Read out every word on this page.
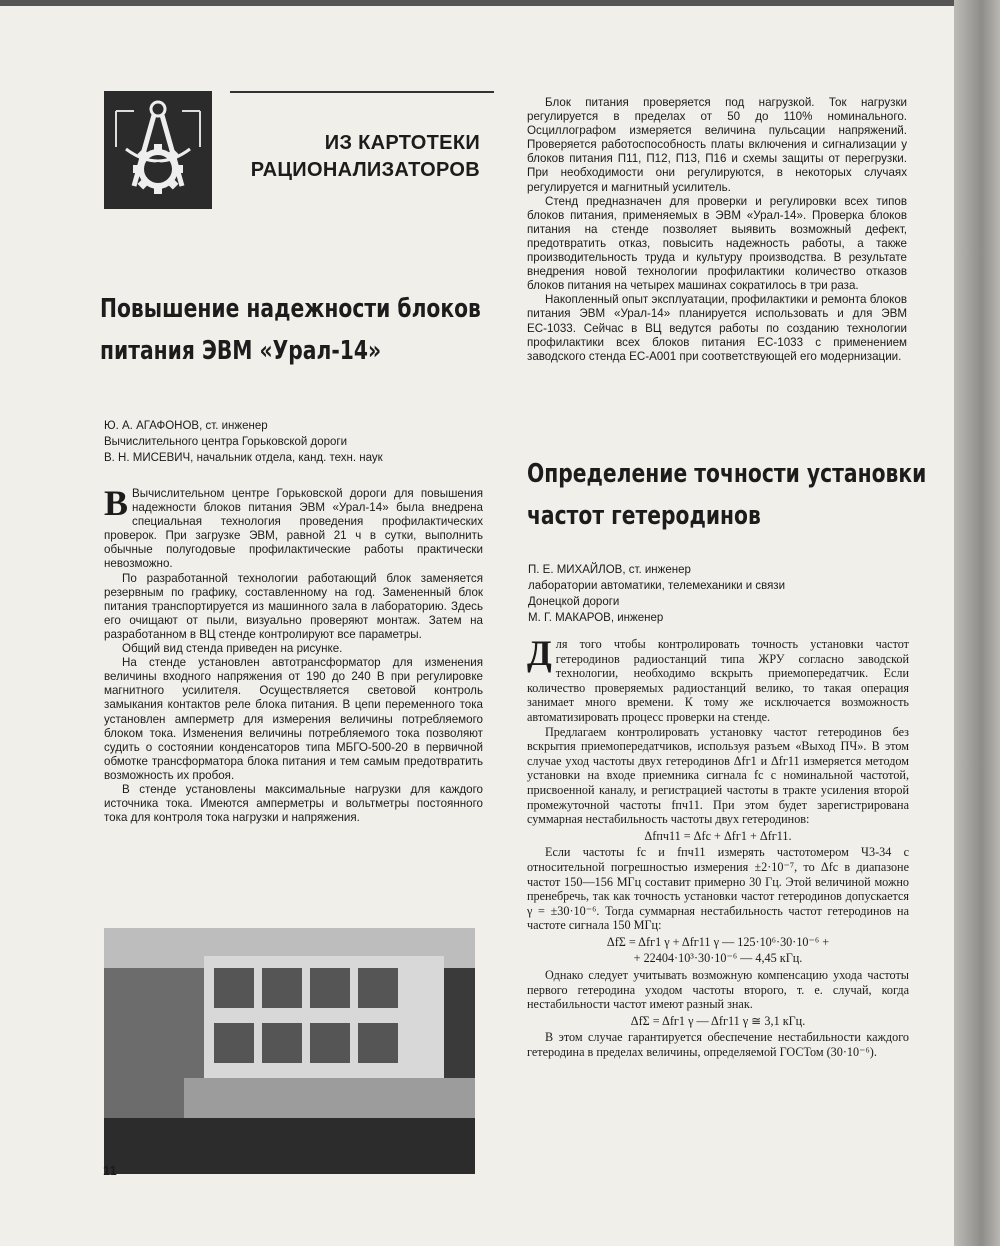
ИЗ КАРТОТЕКИ
РАЦИОНАЛИЗАТОРОВ
Повышение надежности блоков
питания ЭВМ «Урал-14»
Ю. А. АГАФОНОВ, ст. инженер
Вычислительного центра Горьковской дороги
В. Н. МИСЕВИЧ, начальник отдела, канд. техн. наук

В Вычислительном центре Горьковской дороги для повышения надежности блоков питания ЭВМ «Урал-14» была внедрена специальная технология проведения профилактических проверок. При загрузке ЭВМ, равной 21 ч в сутки, выполнить обычные полугодовые профилактические работы практически невозможно.

По разработанной технологии работающий блок заменяется резервным по графику, составленному на год. Замененный блок питания транспортируется из машинного зала в лабораторию. Здесь его очищают от пыли, визуально проверяют монтаж. Затем на разработанном в ВЦ стенде контролируют все параметры.

Общий вид стенда приведен на рисунке.

На стенде установлен автотрансформатор для изменения величины входного напряжения от 190 до 240 В при регулировке магнитного усилителя. Осуществляется световой контроль замыкания контактов реле блока питания. В цепи переменного тока установлен амперметр для измерения величины потребляемого блоком тока. Изменения величины потребляемого тока позволяют судить о состоянии конденсаторов типа МБГО-500-20 в первичной обмотке трансформатора блока питания и тем самым предотвратить возможность их пробоя.

В стенде установлены максимальные нагрузки для каждого источника тока. Имеются амперметры и вольтметры постоянного тока для контроля тока нагрузки и напряжения.

Блок питания проверяется под нагрузкой. Ток нагрузки регулируется в пределах от 50 до 110% номинального. Осциллографом измеряется величина пульсации напряжений. Проверяется работоспособность платы включения и сигнализации у блоков питания П11, П12, П13, П16 и схемы защиты от перегрузки. При необходимости они регулируются, в некоторых случаях регулируется и магнитный усилитель.

Стенд предназначен для проверки и регулировки всех типов блоков питания, применяемых в ЭВМ «Урал-14». Проверка блоков питания на стенде позволяет выявить возможный дефект, предотвратить отказ, повысить надежность работы, а также производительность труда и культуру производства. В результате внедрения новой технологии профилактики количество отказов блоков питания на четырех машинах сократилось в три раза.

Накопленный опыт эксплуатации, профилактики и ремонта блоков питания ЭВМ «Урал-14» планируется использовать и для ЭВМ ЕС-1033. Сейчас в ВЦ ведутся работы по созданию технологии профилактики всех блоков питания ЕС-1033 с применением заводского стенда ЕС-А001 при соответствующей его модернизации.

Определение точности установки
частот гетеродинов
П. Е. МИХАЙЛОВ, ст. инженер
лаборатории автоматики, телемеханики и связи
Донецкой дороги
М. Г. МАКАРОВ, инженер

Для того чтобы контролировать точность установки частот гетеродинов радиостанций типа ЖРУ согласно заводской технологии, необходимо вскрыть приемопередатчик. Если количество проверяемых радиостанций велико, то такая операция занимает много времени. К тому же исключается возможность автоматизировать процесс проверки на стенде.

Предлагаем контролировать установку частот гетеродинов без вскрытия приемопередатчиков, используя разъем «Выход ПЧ». В этом случае уход частоты двух гетеродинов Δfг1 и Δfг11 измеряется методом установки на входе приемника сигнала fс с номинальной частотой, присвоенной каналу, и регистрацией частоты в тракте усиления второй промежуточной частоты fпч11. При этом будет зарегистрирована суммарная нестабильность частоты двух гетеродинов:

Δfпч11 = Δfс + Δfг1 + Δfг11.

Если частоты fс и fпч11 измерять частотомером Ч3-34 с относительной погрешностью измерения ±2·10⁻⁷, то Δfс в диапазоне частот 150—156 МГц составит примерно 30 Гц. Этой величиной можно пренебречь, так как точность установки частот гетеродинов допускается γ = ±30·10⁻⁶. Тогда суммарная нестабильность частот гетеродинов на частоте сигнала 150 МГц:

ΔfΣ = Δfг1 γ + Δfг11 γ — 125·10⁶·30·10⁻⁶ +

+ 22404·10³·30·10⁻⁶ — 4,45 кГц.

Однако следует учитывать возможную компенсацию ухода частоты первого гетеродина уходом частоты второго, т. е. случай, когда нестабильности частот имеют разный знак.

ΔfΣ = Δfг1 γ — Δfг11 γ ≅ 3,1 кГц.

В этом случае гарантируется обеспечение нестабильности каждого гетеродина в пределах величины, определяемой ГОСТом (30·10⁻⁶).

11
